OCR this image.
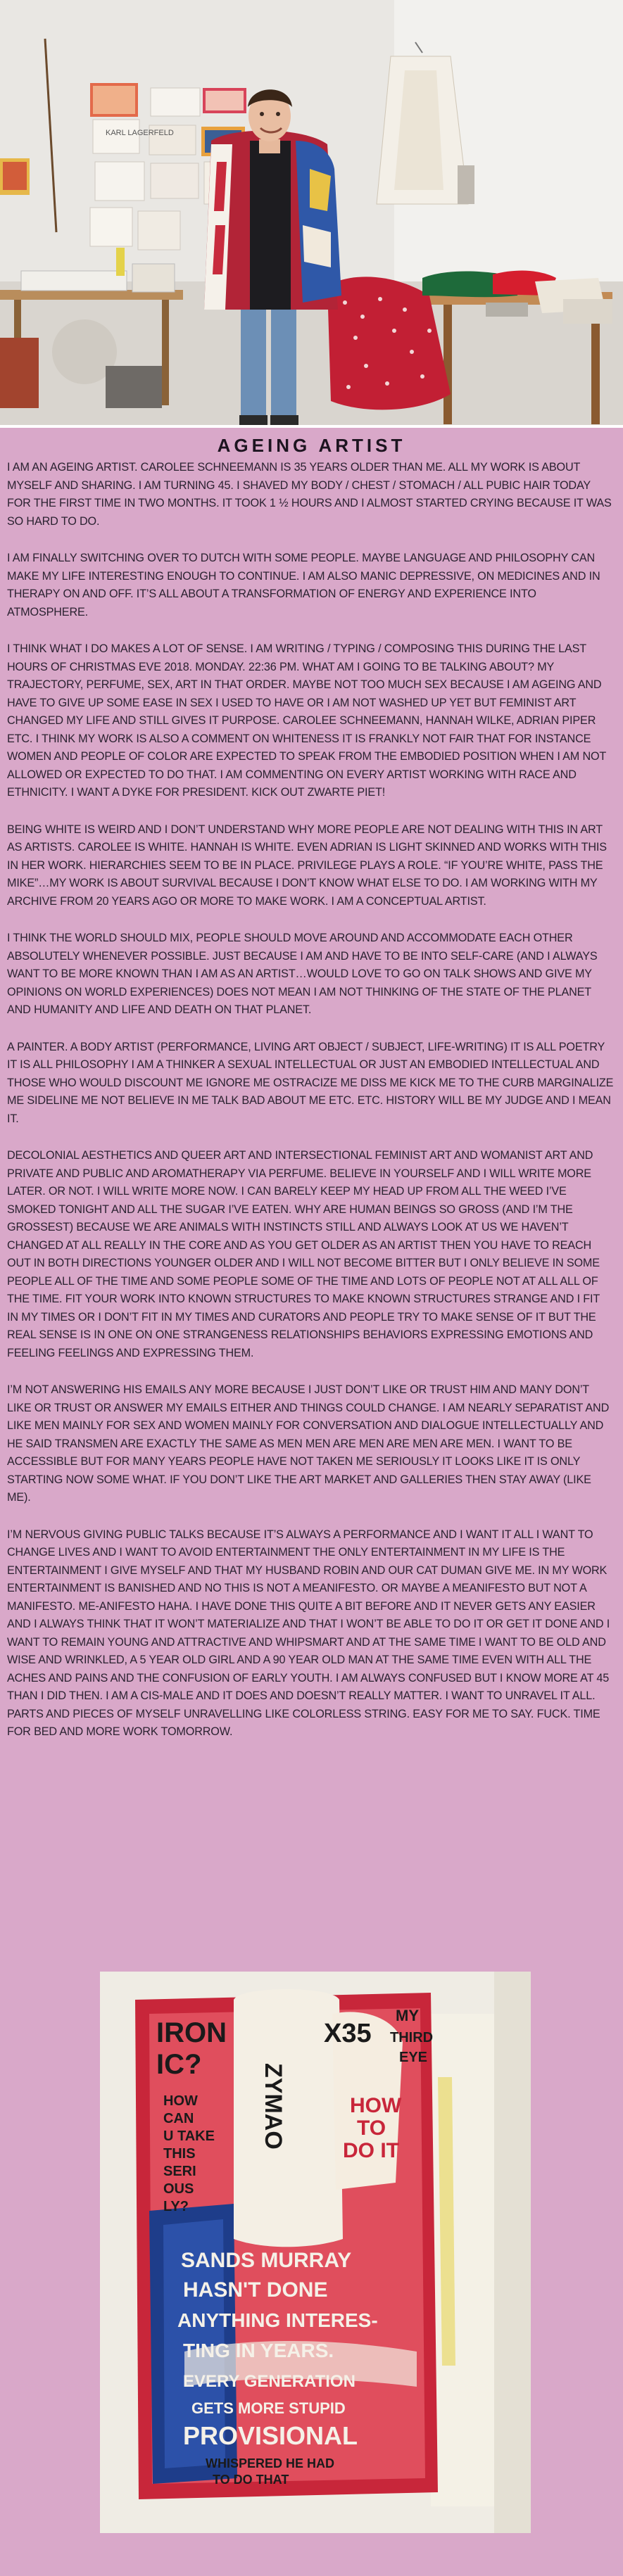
KARL LAGERFELD
AGEING ARTIST

I AM AN AGEING ARTIST. CAROLEE SCHNEEMANN IS 35 YEARS OLDER THAN ME. ALL MY WORK IS ABOUT MYSELF AND SHARING. I AM TURNING 45. I SHAVED MY BODY / CHEST / STOMACH / ALL PUBIC HAIR TODAY FOR THE FIRST TIME IN TWO MONTHS. IT TOOK 1 ½ HOURS AND I ALMOST STARTED CRYING BECAUSE IT WAS SO HARD TO DO.

I AM FINALLY SWITCHING OVER TO DUTCH WITH SOME PEOPLE. MAYBE LANGUAGE AND PHILOSOPHY CAN MAKE MY LIFE INTERESTING ENOUGH TO CONTINUE. I AM ALSO MANIC DEPRESSIVE, ON MEDICINES AND IN THERAPY ON AND OFF. IT’S ALL ABOUT A TRANSFORMATION OF ENERGY AND EXPERIENCE INTO ATMOSPHERE.

I THINK WHAT I DO MAKES A LOT OF SENSE. I AM WRITING / TYPING / COMPOSING THIS DURING THE LAST HOURS OF CHRISTMAS EVE 2018. MONDAY. 22:36 PM. WHAT AM I GOING TO BE TALKING ABOUT? MY TRAJECTORY, PERFUME, SEX, ART IN THAT ORDER. MAYBE NOT TOO MUCH SEX BECAUSE I AM AGEING AND HAVE TO GIVE UP SOME EASE IN SEX I USED TO HAVE OR I AM NOT WASHED UP YET BUT FEMINIST ART CHANGED MY LIFE AND STILL GIVES IT PURPOSE. CAROLEE SCHNEEMANN, HANNAH WILKE, ADRIAN PIPER ETC. I THINK MY WORK IS ALSO A COMMENT ON WHITENESS IT IS FRANKLY NOT FAIR THAT FOR INSTANCE WOMEN AND PEOPLE OF COLOR ARE EXPECTED TO SPEAK FROM THE EMBODIED POSITION WHEN I AM NOT ALLOWED OR EXPECTED TO DO THAT. I AM COMMENTING ON EVERY ARTIST WORKING WITH RACE AND ETHNICITY. I WANT A DYKE FOR PRESIDENT. KICK OUT ZWARTE PIET!

BEING WHITE IS WEIRD AND I DON’T UNDERSTAND WHY MORE PEOPLE ARE NOT DEALING WITH THIS IN ART AS ARTISTS. CAROLEE IS WHITE. HANNAH IS WHITE. EVEN ADRIAN IS LIGHT SKINNED AND WORKS WITH THIS IN HER WORK. HIERARCHIES SEEM TO BE IN PLACE. PRIVILEGE PLAYS A ROLE. “IF YOU’RE WHITE, PASS THE MIKE”…MY WORK IS ABOUT SURVIVAL BECAUSE I DON’T KNOW WHAT ELSE TO DO. I AM WORKING WITH MY ARCHIVE FROM 20 YEARS AGO OR MORE TO MAKE WORK. I AM A CONCEPTUAL ARTIST.

I THINK THE WORLD SHOULD MIX, PEOPLE SHOULD MOVE AROUND AND ACCOMMODATE EACH OTHER ABSOLUTELY WHENEVER POSSIBLE. JUST BECAUSE I AM AND HAVE TO BE INTO SELF-CARE (AND I ALWAYS WANT TO BE MORE KNOWN THAN I AM AS AN ARTIST…WOULD LOVE TO GO ON TALK SHOWS AND GIVE MY OPINIONS ON WORLD EXPERIENCES) DOES NOT MEAN I AM NOT THINKING OF THE STATE OF THE PLANET AND HUMANITY AND LIFE AND DEATH ON THAT PLANET.

A PAINTER. A BODY ARTIST (PERFORMANCE, LIVING ART OBJECT / SUBJECT, LIFE-WRITING) IT IS ALL POETRY IT IS ALL PHILOSOPHY I AM A THINKER A SEXUAL INTELLECTUAL OR JUST AN EMBODIED INTELLECTUAL AND THOSE WHO WOULD DISCOUNT ME IGNORE ME OSTRACIZE ME DISS ME KICK ME TO THE CURB MARGINALIZE ME SIDELINE ME NOT BELIEVE IN ME TALK BAD ABOUT ME ETC. ETC. HISTORY WILL BE MY JUDGE AND I MEAN IT.

DECOLONIAL AESTHETICS AND QUEER ART AND INTERSECTIONAL FEMINIST ART AND WOMANIST ART AND PRIVATE AND PUBLIC AND AROMATHERAPY VIA PERFUME. BELIEVE IN YOURSELF AND I WILL WRITE MORE LATER. OR NOT. I WILL WRITE MORE NOW. I CAN BARELY KEEP MY HEAD UP FROM ALL THE WEED I’VE SMOKED TONIGHT AND ALL THE SUGAR I’VE EATEN. WHY ARE HUMAN BEINGS SO GROSS (AND I’M THE GROSSEST) BECAUSE WE ARE ANIMALS WITH INSTINCTS STILL AND ALWAYS LOOK AT US WE HAVEN’T CHANGED AT ALL REALLY IN THE CORE AND AS YOU GET OLDER AS AN ARTIST THEN YOU HAVE TO REACH OUT IN BOTH DIRECTIONS YOUNGER OLDER AND I WILL NOT BECOME BITTER BUT I ONLY BELIEVE IN SOME PEOPLE ALL OF THE TIME AND SOME PEOPLE SOME OF THE TIME AND LOTS OF PEOPLE NOT AT ALL ALL OF THE TIME. FIT YOUR WORK INTO KNOWN STRUCTURES TO MAKE KNOWN STRUCTURES STRANGE AND I FIT IN MY TIMES OR I DON’T FIT IN MY TIMES AND CURATORS AND PEOPLE TRY TO MAKE SENSE OF IT BUT THE REAL SENSE IS IN ONE ON ONE STRANGENESS RELATIONSHIPS BEHAVIORS EXPRESSING EMOTIONS AND FEELING FEELINGS AND EXPRESSING THEM.

I’M NOT ANSWERING HIS EMAILS ANY MORE BECAUSE I JUST DON’T LIKE OR TRUST HIM AND MANY DON’T LIKE OR TRUST OR ANSWER MY EMAILS EITHER AND THINGS COULD CHANGE. I AM NEARLY SEPARATIST AND LIKE MEN MAINLY FOR SEX AND WOMEN MAINLY FOR CONVERSATION AND DIALOGUE INTELLECTUALLY AND HE SAID TRANSMEN ARE EXACTLY THE SAME AS MEN MEN ARE MEN ARE MEN ARE MEN. I WANT TO BE ACCESSIBLE BUT FOR MANY YEARS PEOPLE HAVE NOT TAKEN ME SERIOUSLY IT LOOKS LIKE IT IS ONLY STARTING NOW SOME WHAT. IF YOU DON’T LIKE THE ART MARKET AND GALLERIES THEN STAY AWAY (LIKE ME).

I’M NERVOUS GIVING PUBLIC TALKS BECAUSE IT’S ALWAYS A PERFORMANCE AND I WANT IT ALL I WANT TO CHANGE LIVES AND I WANT TO AVOID ENTERTAINMENT THE ONLY ENTERTAINMENT IN MY LIFE IS THE ENTERTAINMENT I GIVE MYSELF AND THAT MY HUSBAND ROBIN AND OUR CAT DUMAN GIVE ME. IN MY WORK ENTERTAINMENT IS BANISHED AND NO THIS IS NOT A MEANIFESTO. OR MAYBE A MEANIFESTO BUT NOT A MANIFESTO. ME-ANIFESTO HAHA. I HAVE DONE THIS QUITE A BIT BEFORE AND IT NEVER GETS ANY EASIER AND I ALWAYS THINK THAT IT WON’T MATERIALIZE AND THAT I WON’T BE ABLE TO DO IT OR GET IT DONE AND I WANT TO REMAIN YOUNG AND ATTRACTIVE AND WHIPSMART AND AT THE SAME TIME I WANT TO BE OLD AND WISE AND WRINKLED, A 5 YEAR OLD GIRL AND A 90 YEAR OLD MAN AT THE SAME TIME EVEN WITH ALL THE ACHES AND PAINS AND THE CONFUSION OF EARLY YOUTH. I AM ALWAYS CONFUSED BUT I KNOW MORE AT 45 THAN I DID THEN. I AM A CIS-MALE AND IT DOES AND DOESN’T REALLY MATTER. I WANT TO UNRAVEL IT ALL. PARTS AND PIECES OF MYSELF UNRAVELLING LIKE COLORLESS STRING. EASY FOR ME TO SAY. FUCK. TIME FOR BED AND MORE WORK TOMORROW.

IRON
IC?
HOW
CAN
U TAKE
THIS
SERI
OUS
LY?
MY
THIRD
EYE
X35
HOW
TO
DO IT
ZYMAO
SANDS MURRAY
HASN'T DONE
ANYTHING INTERES-
TING IN YEARS.
EVERY GENERATION
GETS MORE STUPID
PROVISIONAL
WHISPERED HE HAD
TO DO THAT
